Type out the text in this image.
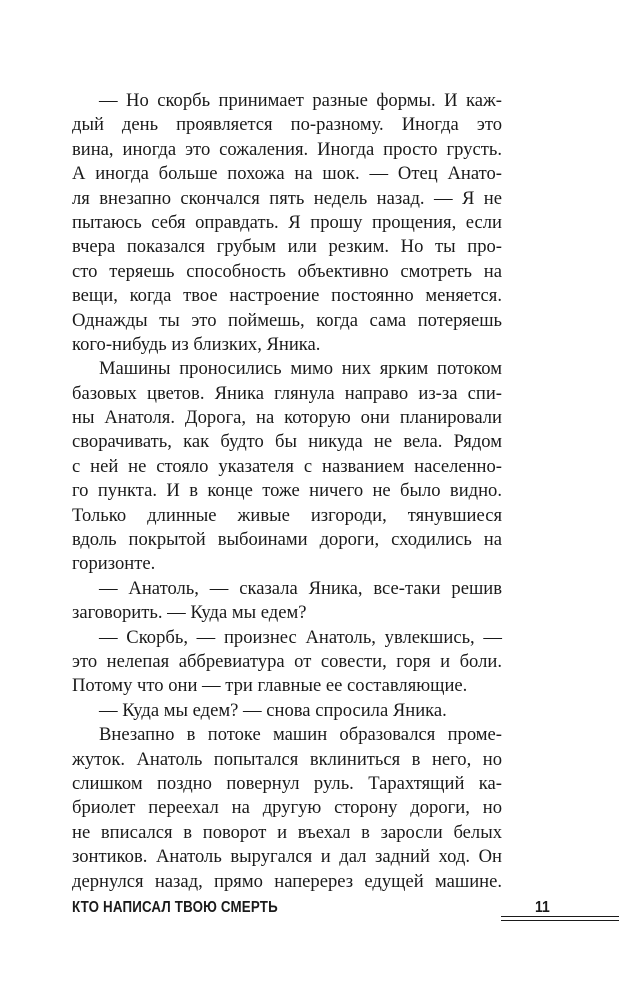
— Но скорбь принимает разные формы. И каж-
дый день проявляется по-разному. Иногда это
вина, иногда это сожаления. Иногда просто грусть.
А иногда больше похожа на шок. — Отец Анато-
ля внезапно скончался пять недель назад. — Я не
пытаюсь себя оправдать. Я прошу прощения, если
вчера показался грубым или резким. Но ты про-
сто теряешь способность объективно смотреть на
вещи, когда твое настроение постоянно меняется.
Однажды ты это поймешь, когда сама потеряешь
кого-нибудь из близких, Яника.
Машины проносились мимо них ярким потоком
базовых цветов. Яника глянула направо из-за спи-
ны Анатоля. Дорога, на которую они планировали
сворачивать, как будто бы никуда не вела. Рядом
с ней не стояло указателя с названием населенно-
го пункта. И в конце тоже ничего не было видно.
Только длинные живые изгороди, тянувшиеся
вдоль покрытой выбоинами дороги, сходились на
горизонте.
— Анатоль, — сказала Яника, все-таки решив
заговорить. — Куда мы едем?
— Скорбь, — произнес Анатоль, увлекшись, —
это нелепая аббревиатура от совести, горя и боли.
Потому что они — три главные ее составляющие.
— Куда мы едем? — снова спросила Яника.
Внезапно в потоке машин образовался проме-
жуток. Анатоль попытался вклиниться в него, но
слишком поздно повернул руль. Тарахтящий ка-
бриолет переехал на другую сторону дороги, но
не вписался в поворот и въехал в заросли белых
зонтиков. Анатоль выругался и дал задний ход. Он
дернулся назад, прямо наперерез едущей машине.
КТО НАПИСАЛ ТВОЮ СМЕРТЬ	11
